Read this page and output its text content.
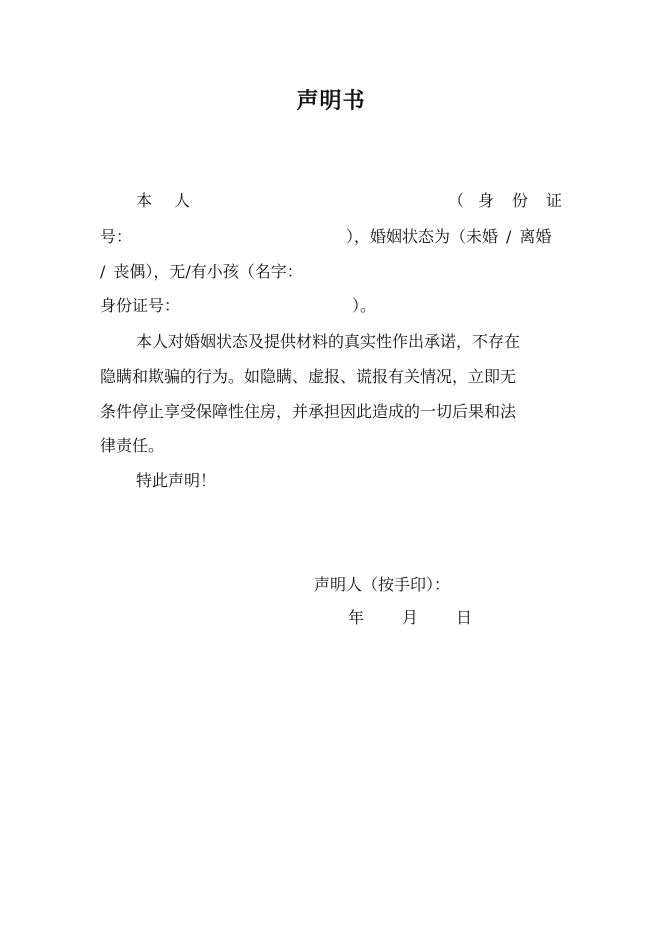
声明书
本 人	（ 身 份 证
号：	），婚姻状态为（未婚 / 离婚
/ 丧偶），无/有小孩（名字：
身份证号：	）。
本人对婚姻状态及提供材料的真实性作出承诺，不存在
隐瞒和欺骗的行为。如隐瞒、虚报、谎报有关情况，立即无
条件停止享受保障性住房，并承担因此造成的一切后果和法
律责任。
特此声明！
声明人（按手印）：
年 月 日
